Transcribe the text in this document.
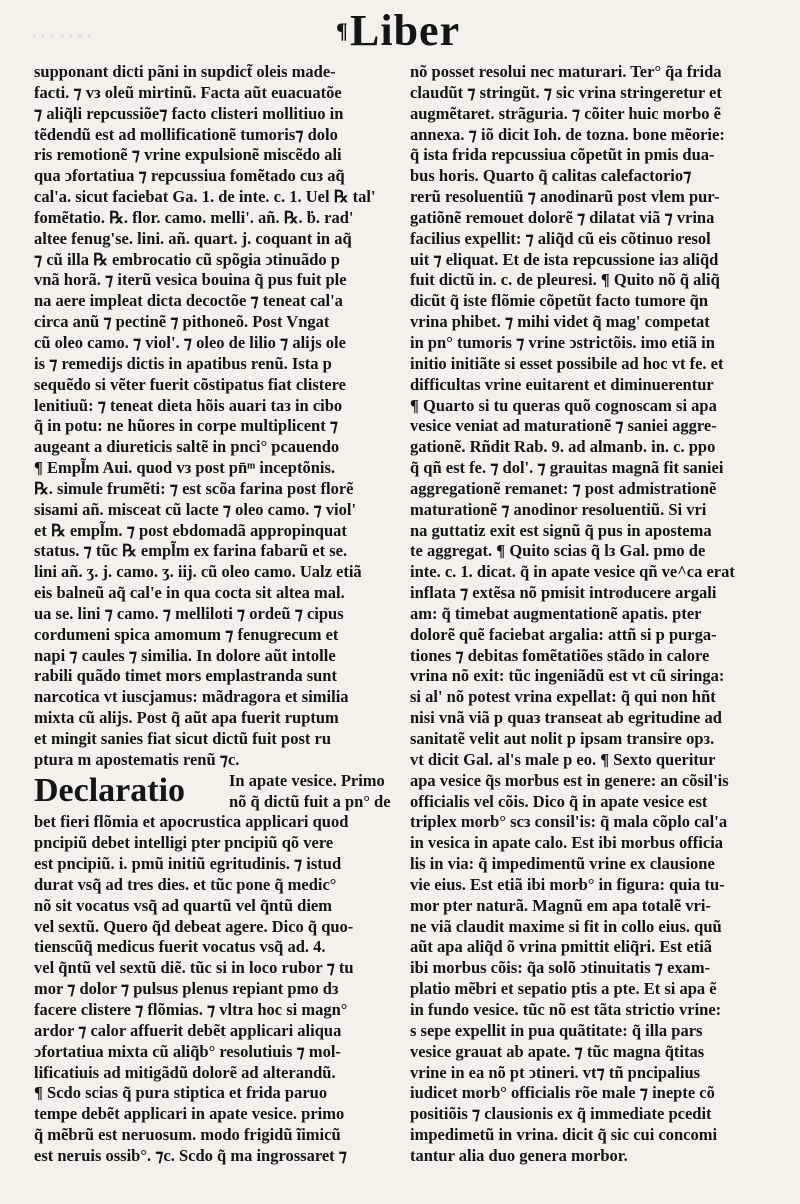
…….	¶ Liber
supponant dicti pãni in supdict̃ oleis made-
facti. ⁊ vз oleũ mirtinũ. Facta aũt euacuatõe
⁊ aliq̃li repcussiõe⁊ facto clisteri mollitiuo in
tẽdendũ est ad mollificationẽ tumoris⁊ dolo
ris remotionẽ ⁊ vrine expulsionẽ miscẽdo ali
qua ↄfortatiua ⁊ repcussiua fomẽtado cuз aq̃
cal'a. sicut faciebat Ga. 1. de inte. c. 1. Uel ℞ tal'
fomẽtatio. ℞. flor. camo. melli'. añ. ℞. ḃ. rad'
altee fenug'se. lini. añ. quart. j. coquant in aq̃
⁊ cũ illa ℞ embrocatio cũ spõgia ↄtinuãdo p
vnã horã. ⁊ iterũ vesica bouina q̃ pus fuit ple
na aere impleat dicta decoctõe ⁊ teneat cal'a
circa anũ ⁊ pectinẽ ⁊ pithoneõ. Post Vngat
cũ oleo camo. ⁊ viol'. ⁊ oleo de lilio ⁊ alijs ole
is ⁊ remedijs dictis in apatibus renũ. Ista p
sequẽdo si vẽter fuerit cõstipatus fiat clistere
lenitiuũ: ⁊ teneat dieta hõis auari taз in cibo
q̃ in potu: ne hũores in corpe multiplicent ⁊
augeant a diureticis saltẽ in pnci° pcauendo
¶ Empl̃m Aui. quod vз post pn̄ᵐ inceptõnis.
℞. simule frumẽti: ⁊ est scõa farina post florẽ
sisami añ. misceat cũ lacte ⁊ oleo camo. ⁊ viol'
et ℞ empl̃m. ⁊ post ebdomadã appropinquat
status. ⁊ tũc ℞ empl̃m ex farina fabarũ et se.
lini añ. ʒ. j. camo. ʒ. iij. cũ oleo camo. Ualz etiã
eis balneũ aq̃ cal'e in qua cocta sit altea mal.
ua se. lini ⁊ camo. ⁊ melliloti ⁊ ordeũ ⁊ cipus
cordumeni spica amomum ⁊ fenugrecum et
napi ⁊ caules ⁊ similia. In dolore aũt intolle
rabili quãdo timet mors emplastranda sunt
narcotica vt iuscjamus: mãdragora et similia
mixta cũ alijs. Post q̃ aũt apa fuerit ruptum
et mingit sanies fiat sicut dictũ fuit post ru
ptura m apostematis renũ ⁊c.
Declaratio	In apate vesice. Primo
nõ q̃ dictũ fuit a pn° de
bet fieri flõmia et apocrustica applicari quod
pncipiũ debet intelligi pter pncipiũ qõ vere
est pncipiũ. i. pmũ initiũ egritudinis. ⁊ istud
durat vsq̃ ad tres dies. et tũc pone q̃ medic°
nõ sit vocatus vsq̃ ad quartũ vel q̃ntũ diem
vel sextũ. Quero q̃d debeat agere. Dico q̃ quo-
tienscũq̃ medicus fuerit vocatus vsq̃ ad. 4.
vel q̃ntũ vel sextũ diẽ. tũc si in loco rubor ⁊ tu
mor ⁊ dolor ⁊ pulsus plenus repiant pmo dз
facere clistere ⁊ flõmias. ⁊ vltra hoc si magn°
ardor ⁊ calor affuerit debẽt applicari aliqua
ↄfortatiua mixta cũ aliq̃b° resolutiuis ⁊ mol-
lificatiuis ad mitigãdũ dolorẽ ad alterandũ.
¶ Scdo scias q̃ pura stiptica et frida paruo
tempe debẽt applicari in apate vesice. primo
q̃ mẽbrũ est neruosum. modo frigidũ ĩimicũ
est neruis ossib°. ⁊c. Scdo q̃ ma ingrossaret ⁊
nõ posset resolui nec maturari. Ter° q̃a frida
claudũt ⁊ stringũt. ⁊ sic vrina stringeretur et
augmẽtaret. strãguria. ⁊ cõiter huic morbo ẽ
annexa. ⁊ iõ dicit Ioh. de tozna. bone mẽorie:
q̃ ista frida repcussiua cõpetũt in pmis dua-
bus horis. Quarto q̃ calitas calefactorio⁊
rerũ resoluentiũ ⁊ anodinarũ post vlem pur-
gatiõnẽ remouet dolorẽ ⁊ dilatat viã ⁊ vrina
facilius expellit: ⁊ aliq̃d cũ eis cõtinuo resol
uit ⁊ eliquat. Et de ista repcussione iaз aliq̃d
fuit dictũ in. c. de pleuresi. ¶ Quito nõ q̃ aliq̃
dicũt q̃ iste flõmie cõpetũt facto tumore q̃n
vrina phibet. ⁊ mihi videt q̃ mag' competat
in pn° tumoris ⁊ vrine ↄstrictõis. imo etiã in
initio initiãte si esset possibile ad hoc vt fe. et
difficultas vrine euitarent et diminuerentur
¶ Quarto si tu queras quõ cognoscam si apa
vesice veniat ad maturationẽ ⁊ saniei aggre-
gationẽ. Rñdit Rab. 9. ad almanb. in. c. ppo
q̃ qñ est fe. ⁊ dol'. ⁊ grauitas magnã fit saniei
aggregationẽ remanet: ⁊ post admistrationẽ
maturationẽ ⁊ anodinor resoluentiũ. Si vri
na guttatiz exit est signũ q̃ pus in apostema
te aggregat. ¶ Quito scias q̃ lз Gal. pmo de
inte. c. 1. dicat. q̃ in apate vesice qñ ve^ca erat
inflata ⁊ extẽsa nõ pmisit introducere argali
am: q̃ timebat augmentationẽ apatis. pter
dolorẽ quẽ faciebat argalia: attñ si p purga-
tiones ⁊ debitas fomẽtatiões stãdo in calore
vrina nõ exit: tũc ingeniãdũ est vt cũ siringa:
si al' nõ potest vrina expellat: q̃ qui non hñt
nisi vnã viã p quaз transeat ab egritudine ad
sanitatẽ velit aut nolit p ipsam transire opз.
vt dicit Gal. al's male p eo. ¶ Sexto queritur
apa vesice q̃s morbus est in genere: an cõsil'is
officialis vel cõis. Dico q̃ in apate vesice est
triplex morb° scз consil'is: q̃ mala cõplo cal'a
in vesica in apate calo. Est ibi morbus officia
lis in via: q̃ impedimentũ vrine ex clausione
vie eius. Est etiã ibi morb° in figura: quia tu-
mor pter naturã. Magnũ em apa totalẽ vri-
ne viã claudit maxime si fit in collo eius. quũ
aũt apa aliq̃d õ vrina pmittit eliq̃ri. Est etiã
ibi morbus cõis: q̃a solõ ↄtinuitatis ⁊ exam-
platio mẽbri et sepatio ptis a pte. Et si apa ẽ
in fundo vesice. tũc nõ est tãta strictio vrine:
s sepe expellit in pua quãtitate: q̃ illa pars
vesice grauat ab apate. ⁊ tũc magna q̃titas
vrine in ea nõ pt ↄtineri. vt⁊ tñ pncipalius
iudicet morb° officialis rõe male ⁊ inepte cõ
positiõis ⁊ clausionis ex q̃ immediate pcedit
impedimetũ in vrina. dicit q̃ sic cui concomi
tantur alia duo genera morbor.
